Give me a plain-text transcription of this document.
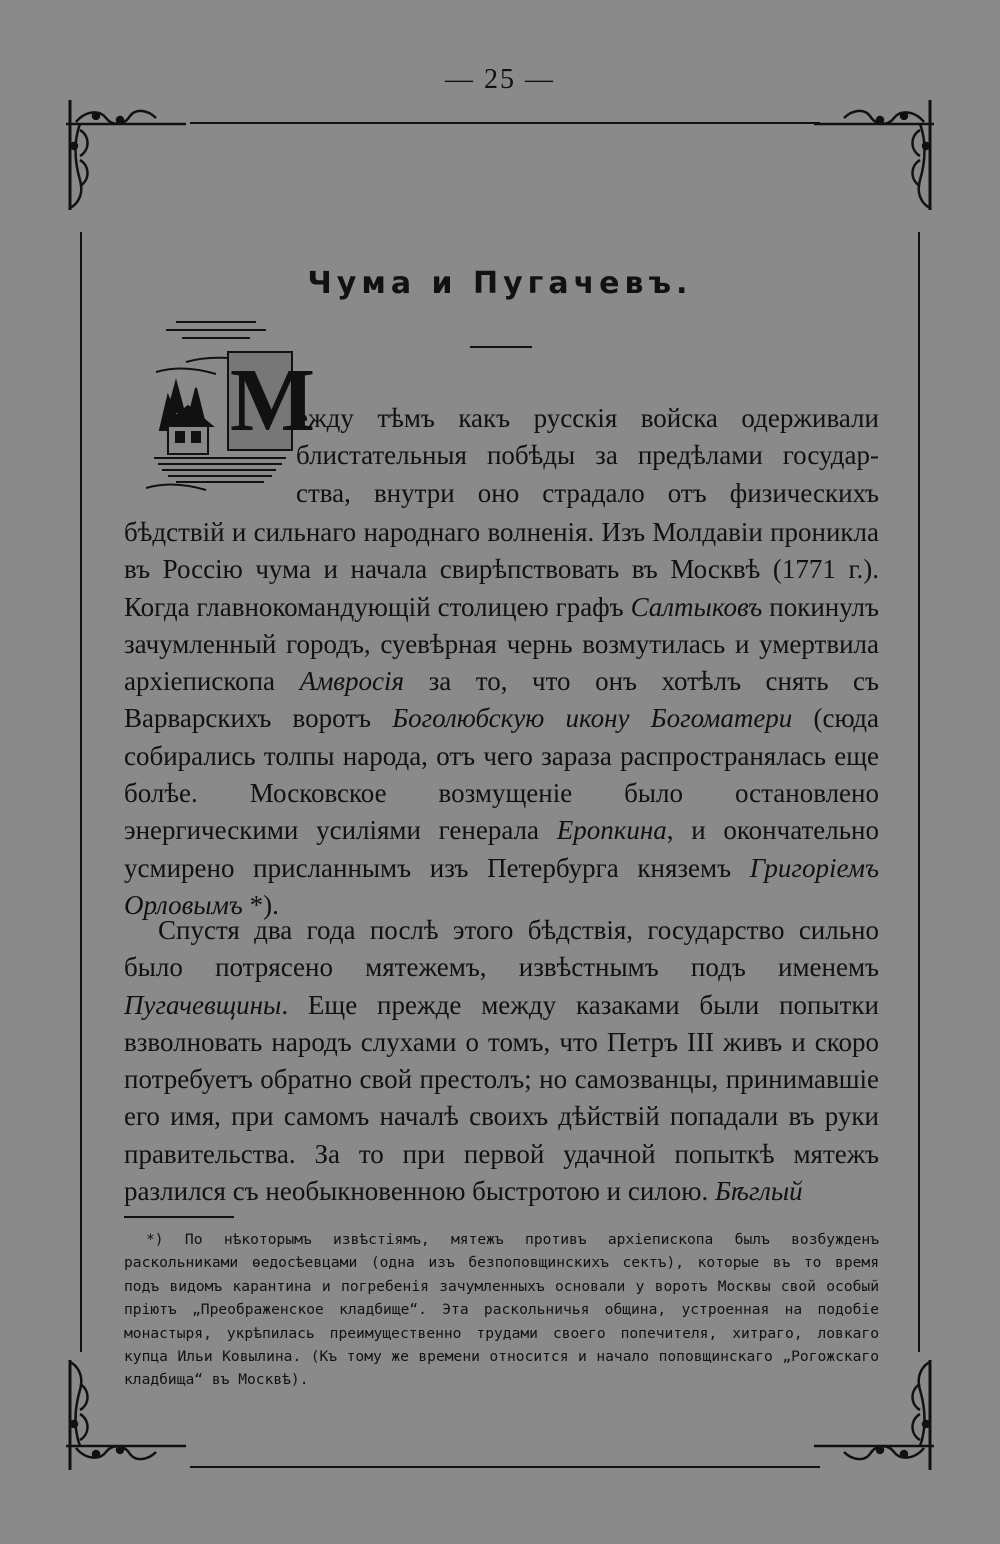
— 25 —
Чума и Пугачевъ.
М
ежду тѣмъ какъ русскія войска одерживали
блистательныя побѣды за предѣлами государ-
ства, внутри оно страдало отъ физическихъ
бѣдствій и сильнаго народнаго волненія. Изъ Молдавіи проникла въ Россію чума и начала свирѣпствовать въ Москвѣ (1771 г.). Когда главнокомандующій столицею графъ Салтыковъ покинулъ зачумленный городъ, суевѣрная чернь возмутилась и умертвила архіепископа Амвросія за то, что онъ хотѣлъ снять съ Варварскихъ воротъ Боголюбскую икону Богоматери (сюда собирались толпы народа, отъ чего зараза распространялась еще болѣе. Московское возмущеніе было остановлено энергическими усиліями генерала Еропкина, и окончательно усмирено присланнымъ изъ Петербурга княземъ Григоріемъ Орловымъ *).
Спустя два года послѣ этого бѣдствія, государство сильно было потрясено мятежемъ, извѣстнымъ подъ именемъ Пугачевщины. Еще прежде между казаками были попытки взволновать народъ слухами о томъ, что Петръ III живъ и скоро потребуетъ обратно свой престолъ; но самозванцы, принимавшіе его имя, при самомъ началѣ своихъ дѣйствій попадали въ руки правительства. За то при первой удачной попыткѣ мятежъ разлился съ необыкновенною быстротою и силою. Бѣглый
*) По нѣкоторымъ извѣстіямъ, мятежъ противъ архіепископа былъ возбужденъ раскольниками ѳедосѣевцами (одна изъ безпоповщинскихъ сектъ), которые въ то время подъ видомъ карантина и погребенія зачумленныхъ основали у воротъ Москвы свой особый пріютъ „Преображенское кладбище“. Эта раскольничья община, устроенная на подобіе монастыря, укрѣпилась преимущественно трудами своего попечителя, хитраго, ловкаго купца Ильи Ковылина. (Къ тому же времени относится и начало поповщинскаго „Рогожскаго кладбища“ въ Москвѣ).
